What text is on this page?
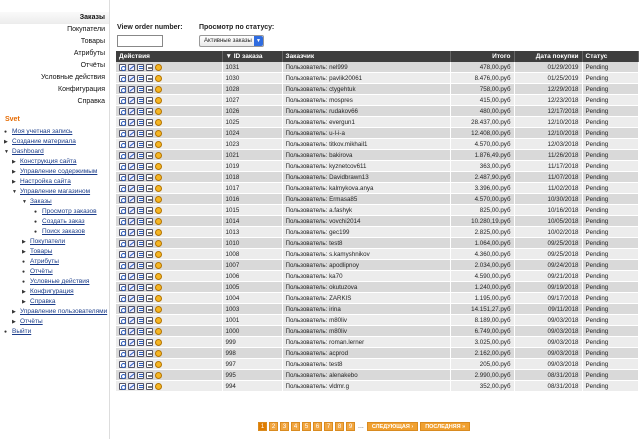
Заказы
Покупатели
Товары
Атрибуты
Отчёты
Условные действия
Конфигурация
Справка
Svet
● Моя учетная запись
▶ Создание материала
▼ Dashboard
▶ Конструкция сайта
▶ Управление содержимым
▶ Настройка сайта
▼ Управление магазином
▼ Заказы
● Просмотр заказов
● Создать заказ
● Поиск заказов
▶ Покупатели
▶ Товары
● Атрибуты
● Отчёты
● Условные действия
▶ Конфигурация
▶ Справка
▶ Управление пользователями
▶ Отчёты
● Выйти
View order number: Просмотр по статусу:
Активные заказы ▼
Действия	▼ ID заказа	Заказчик	Итого	Дата покупки	Статус

	1031	Пользователь: nel999	478,00.руб	01/29/2019	Pending

	1030	Пользователь: pavlik20061	8.476,00.руб	01/25/2019	Pending

	1028	Пользователь: ctygehtuk	758,00.руб	12/29/2018	Pending

	1027	Пользователь: mospres	415,00.руб	12/23/2018	Pending

	1026	Пользователь: rudakov66	480,00.руб	12/17/2018	Pending

	1025	Пользователь: evergun1	28.437,00.руб	12/10/2018	Pending

	1024	Пользователь: u-l-i-a	12.408,00.руб	12/10/2018	Pending

	1023	Пользователь: titkov.mikhail1	4.570,00.руб	12/03/2018	Pending

	1021	Пользователь: bakirova	1.876,49.руб	11/26/2018	Pending

	1019	Пользователь: kyznetcov611	363,00.руб	11/17/2018	Pending

	1018	Пользователь: Davidbrawn13	2.487,90.руб	11/07/2018	Pending

	1017	Пользователь: kalmykova.anya	3.396,00.руб	11/02/2018	Pending

	1016	Пользователь: Ermasa85	4.570,00.руб	10/30/2018	Pending

	1015	Пользователь: a.fashyk	825,00.руб	10/16/2018	Pending

	1014	Пользователь: vovchi2014	10.280,19.руб	10/05/2018	Pending

	1013	Пользователь: gec199	2.825,00.руб	10/02/2018	Pending

	1010	Пользователь: test8	1.064,00.руб	09/25/2018	Pending

	1008	Пользователь: s.kamyshnikov	4.360,00.руб	09/25/2018	Pending

	1007	Пользователь: apodlipnoy	2.034,00.руб	09/24/2018	Pending

	1006	Пользователь: ka70	4.590,00.руб	09/21/2018	Pending

	1005	Пользователь: okutuzova	1.240,00.руб	09/19/2018	Pending

	1004	Пользователь: ZARKIS	1.195,00.руб	09/17/2018	Pending

	1003	Пользователь: irina	14.151,27.руб	09/11/2018	Pending

	1001	Пользователь: m80liv	8.189,00.руб	09/03/2018	Pending

	1000	Пользователь: m80liv	6.749,00.руб	09/03/2018	Pending

	999	Пользователь: roman.lerner	3.025,00.руб	09/03/2018	Pending

	998	Пользователь: acprod	2.162,00.руб	09/03/2018	Pending

	997	Пользователь: test8	205,00.руб	09/03/2018	Pending

	995	Пользователь: alenakebo	2.990,00.руб	08/31/2018	Pending

	994	Пользователь: vldmr.g	352,00.руб	08/31/2018	Pending
1	2	3	4	5	6	7	8	9 ...	СЛЕДУЮЩАЯ ›	ПОСЛЕДНЯЯ »
